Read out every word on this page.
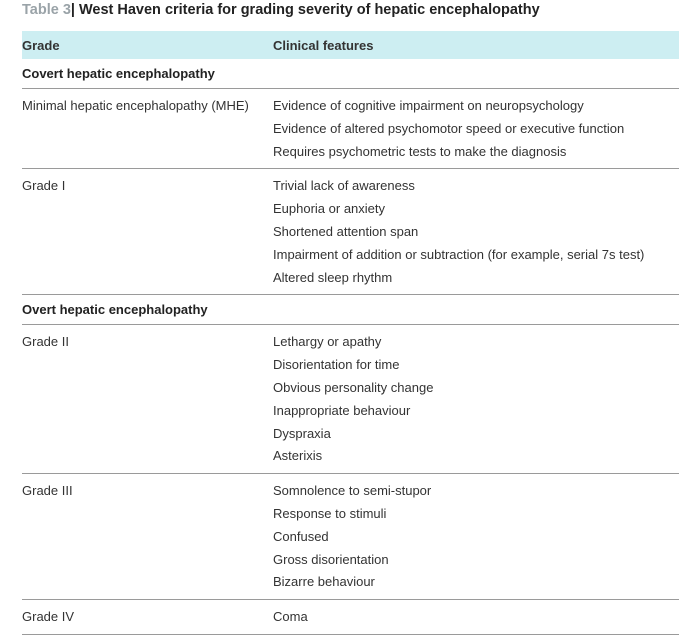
Table 3| West Haven criteria for grading severity of hepatic encephalopathy
Grade	Clinical features
Covert hepatic encephalopathy
Minimal hepatic encephalopathy (MHE)	Evidence of cognitive impairment on neuropsychology
Evidence of altered psychomotor speed or executive function
Requires psychometric tests to make the diagnosis
Grade I	Trivial lack of awareness
Euphoria or anxiety
Shortened attention span
Impairment of addition or subtraction (for example, serial 7s test)
Altered sleep rhythm
Overt hepatic encephalopathy
Grade II	Lethargy or apathy
Disorientation for time
Obvious personality change
Inappropriate behaviour
Dyspraxia
Asterixis
Grade III	Somnolence to semi-stupor
Response to stimuli
Confused
Gross disorientation
Bizarre behaviour
Grade IV	Coma
